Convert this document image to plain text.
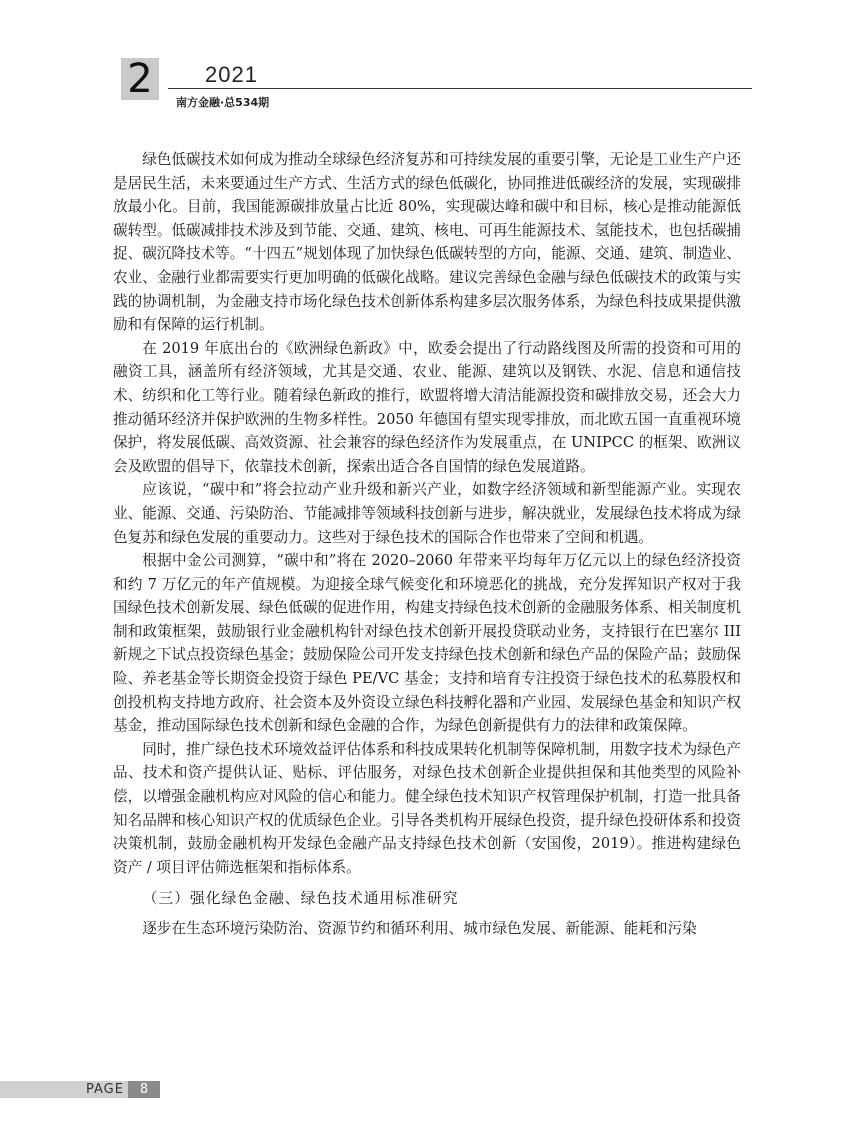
2 2021
南方金融·总534期

绿色低碳技术如何成为推动全球绿色经济复苏和可持续发展的重要引擎，无论是工业生产户还是居民生活，未来要通过生产方式、生活方式的绿色低碳化，协同推进低碳经济的发展，实现碳排放最小化。目前，我国能源碳排放量占比近 80%，实现碳达峰和碳中和目标，核心是推动能源低碳转型。低碳减排技术涉及到节能、交通、建筑、核电、可再生能源技术、氢能技术，也包括碳捕捉、碳沉降技术等。“十四五”规划体现了加快绿色低碳转型的方向，能源、交通、建筑、制造业、农业、金融行业都需要实行更加明确的低碳化战略。建议完善绿色金融与绿色低碳技术的政策与实践的协调机制，为金融支持市场化绿色技术创新体系构建多层次服务体系，为绿色科技成果提供激励和有保障的运行机制。

在 2019 年底出台的《欧洲绿色新政》中，欧委会提出了行动路线图及所需的投资和可用的融资工具，涵盖所有经济领域，尤其是交通、农业、能源、建筑以及钢铁、水泥、信息和通信技术、纺织和化工等行业。随着绿色新政的推行，欧盟将增大清洁能源投资和碳排放交易，还会大力推动循环经济并保护欧洲的生物多样性。2050 年德国有望实现零排放，而北欧五国一直重视环境保护，将发展低碳、高效资源、社会兼容的绿色经济作为发展重点，在 UNIPCC 的框架、欧洲议会及欧盟的倡导下，依靠技术创新，探索出适合各自国情的绿色发展道路。

应该说，“碳中和”将会拉动产业升级和新兴产业，如数字经济领域和新型能源产业。实现农业、能源、交通、污染防治、节能减排等领域科技创新与进步，解决就业，发展绿色技术将成为绿色复苏和绿色发展的重要动力。这些对于绿色技术的国际合作也带来了空间和机遇。

根据中金公司测算，“碳中和”将在 2020–2060 年带来平均每年万亿元以上的绿色经济投资和约 7 万亿元的年产值规模。为迎接全球气候变化和环境恶化的挑战，充分发挥知识产权对于我国绿色技术创新发展、绿色低碳的促进作用，构建支持绿色技术创新的金融服务体系、相关制度机制和政策框架，鼓励银行业金融机构针对绿色技术创新开展投贷联动业务，支持银行在巴塞尔 III 新规之下试点投资绿色基金；鼓励保险公司开发支持绿色技术创新和绿色产品的保险产品；鼓励保险、养老基金等长期资金投资于绿色 PE/VC 基金；支持和培育专注投资于绿色技术的私募股权和创投机构支持地方政府、社会资本及外资设立绿色科技孵化器和产业园、发展绿色基金和知识产权基金，推动国际绿色技术创新和绿色金融的合作，为绿色创新提供有力的法律和政策保障。

同时，推广绿色技术环境效益评估体系和科技成果转化机制等保障机制，用数字技术为绿色产品、技术和资产提供认证、贴标、评估服务，对绿色技术创新企业提供担保和其他类型的风险补偿，以增强金融机构应对风险的信心和能力。健全绿色技术知识产权管理保护机制，打造一批具备知名品牌和核心知识产权的优质绿色企业。引导各类机构开展绿色投资，提升绿色投研体系和投资决策机制，鼓励金融机构开发绿色金融产品支持绿色技术创新（安国俊，2019）。推进构建绿色资产 / 项目评估筛选框架和指标体系。

（三）强化绿色金融、绿色技术通用标准研究

逐步在生态环境污染防治、资源节约和循环利用、城市绿色发展、新能源、能耗和污染

PAGE	8
